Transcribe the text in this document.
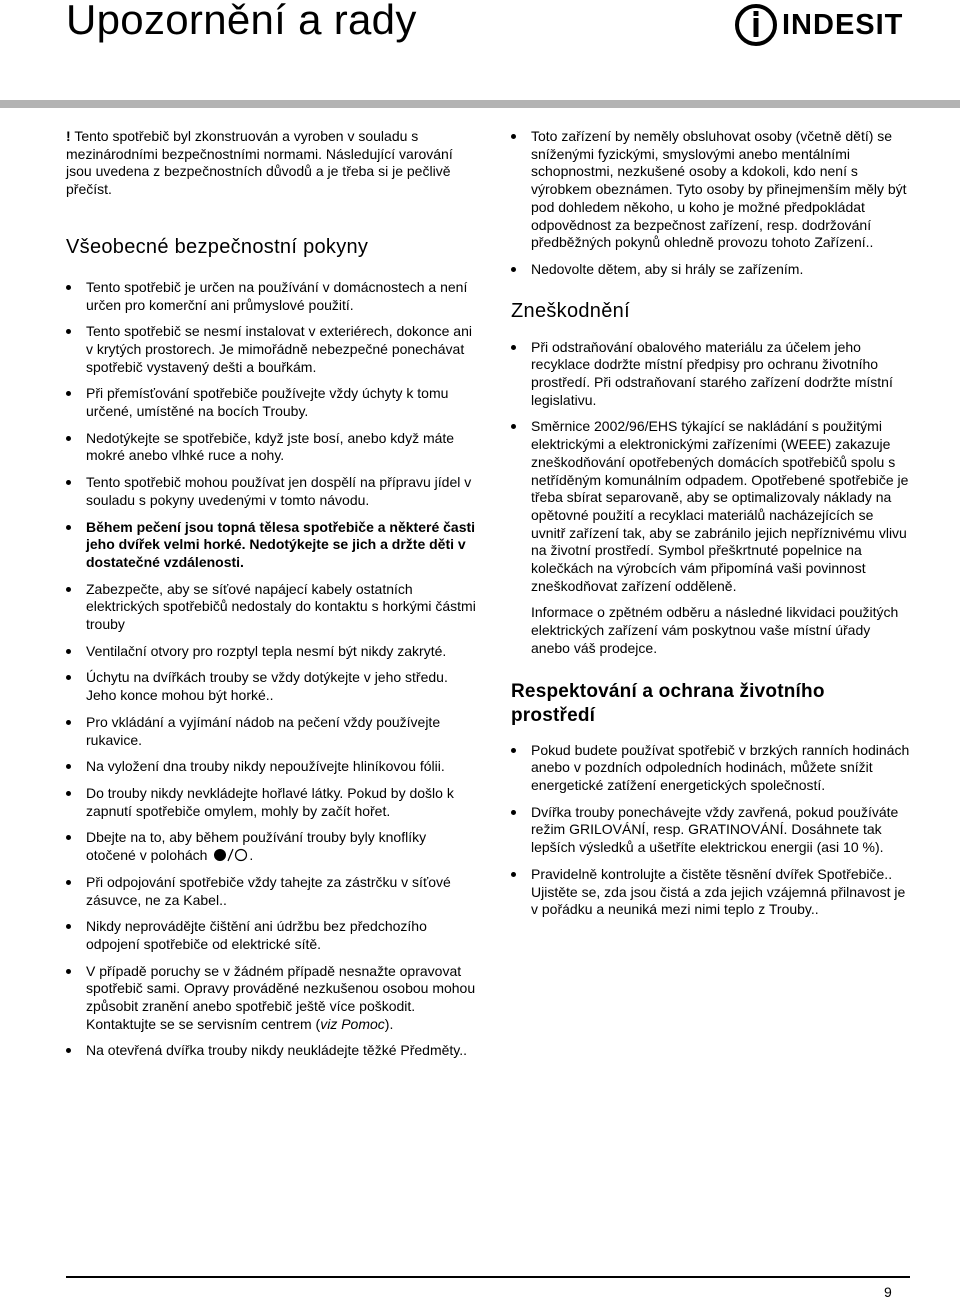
Upozornění a rady	INDESIT

! Tento spotřebič byl zkonstruován a vyroben v souladu s mezinárodními bezpečnostními normami. Následující varování jsou uvedena z bezpečnostních důvodů a je třeba si je pečlivě přečíst.

Všeobecné bezpečnostní pokyny
Tento spotřebič je určen na používání v domácnostech a není určen pro komerční ani průmyslové použití.
Tento spotřebič se nesmí instalovat v exteriérech, dokonce ani v krytých prostorech. Je mimořádně nebezpečné ponechávat spotřebič vystavený dešti a bouřkám.
Při přemísťování spotřebiče používejte vždy úchyty k tomu určené, umístěné na bocích Trouby.
Nedotýkejte se spotřebiče, když jste bosí, anebo když máte mokré anebo vlhké ruce a nohy.
Tento spotřebič mohou používat jen dospělí na přípravu jídel v souladu s pokyny uvedenými v tomto návodu.
Během pečení jsou topná tělesa spotřebiče a některé časti jeho dvířek velmi horké. Nedotýkejte se jich a držte děti v dostatečné vzdálenosti.
Zabezpečte, aby se síťové napájecí kabely ostatních elektrických spotřebičů nedostaly do kontaktu s horkými částmi trouby
Ventilační otvory pro rozptyl tepla nesmí být nikdy zakryté.
Úchytu na dvířkách trouby se vždy dotýkejte v jeho středu. Jeho konce mohou být horké..
Pro vkládání a vyjímání nádob na pečení vždy používejte rukavice.
Na vyložení dna trouby nikdy nepoužívejte hliníkovou fólii.
Do trouby nikdy nevkládejte hořlavé látky. Pokud by došlo k zapnutí spotřebiče omylem, mohly by začít hořet.
Dbejte na to, aby během používání trouby byly knoflíky otočené v polohách	.
Při odpojování spotřebiče vždy tahejte za zástrčku v síťové zásuvce, ne za Kabel..
Nikdy neprovádějte čištění ani údržbu bez předchozího odpojení spotřebiče od elektrické sítě.
V případě poruchy se v žádném případě nesnažte opravovat spotřebič sami. Opravy prováděné nezkušenou osobou mohou způsobit zranění anebo spotřebič ještě více poškodit. Kontaktujte se se servisním centrem (viz Pomoc).
Na otevřená dvířka trouby nikdy neukládejte těžké Předměty..
Toto zařízení by neměly obsluhovat osoby (včetně dětí) se sníženými fyzickými, smyslovými anebo mentálními schopnostmi, nezkušené osoby a kdokoli, kdo není s výrobkem obeznámen. Tyto osoby by přinejmenším měly být pod dohledem někoho, u koho je možné předpokládat odpovědnost za bezpečnost zařízení, resp. dodržování předběžných pokynů ohledně provozu tohoto Zařízení..
Nedovolte dětem, aby si hrály se zařízením.
Zneškodnění
Při odstraňování obalového materiálu za účelem jeho recyklace dodržte místní předpisy pro ochranu životního prostředí. Při odstraňovaní starého zařízení dodržte místní legislativu.
Směrnice 2002/96/EHS týkající se nakládání s použitými elektrickými a elektronickými zařízeními (WEEE) zakazuje zneškodňování opotřebených domácích spotřebičů spolu s netříděným komunálním odpadem. Opotřebené spotřebiče je třeba sbírat separovaně, aby se optimalizovaly náklady na opětovné použití a recyklaci materiálů nacházejících se uvnitř zařízení tak, aby se zabránilo jejich nepříznivému vlivu na životní prostředí. Symbol přeškrtnuté popelnice na kolečkách na výrobcích vám připomíná vaši povinnost zneškodňovat zařízení odděleně.
Informace o zpětném odběru a následné likvidaci použitých elektrických zařízení vám poskytnou vaše místní úřady anebo váš prodejce.
Respektování a ochrana životního prostředí
Pokud budete používat spotřebič v brzkých ranních hodinách anebo v pozdních odpoledních hodinách, můžete snížit energetické zatížení energetických společností.
Dvířka trouby ponechávejte vždy zavřená, pokud používáte režim GRILOVÁNÍ, resp. GRATINOVÁNÍ. Dosáhnete tak lepších výsledků a ušetříte elektrickou energii (asi 10 %).
Pravidelně kontrolujte a čistěte těsnění dvířek Spotřebiče.. Ujistěte se, zda jsou čistá a zda jejich vzájemná přilnavost je v pořádku a neuniká mezi nimi teplo z Trouby..
9
